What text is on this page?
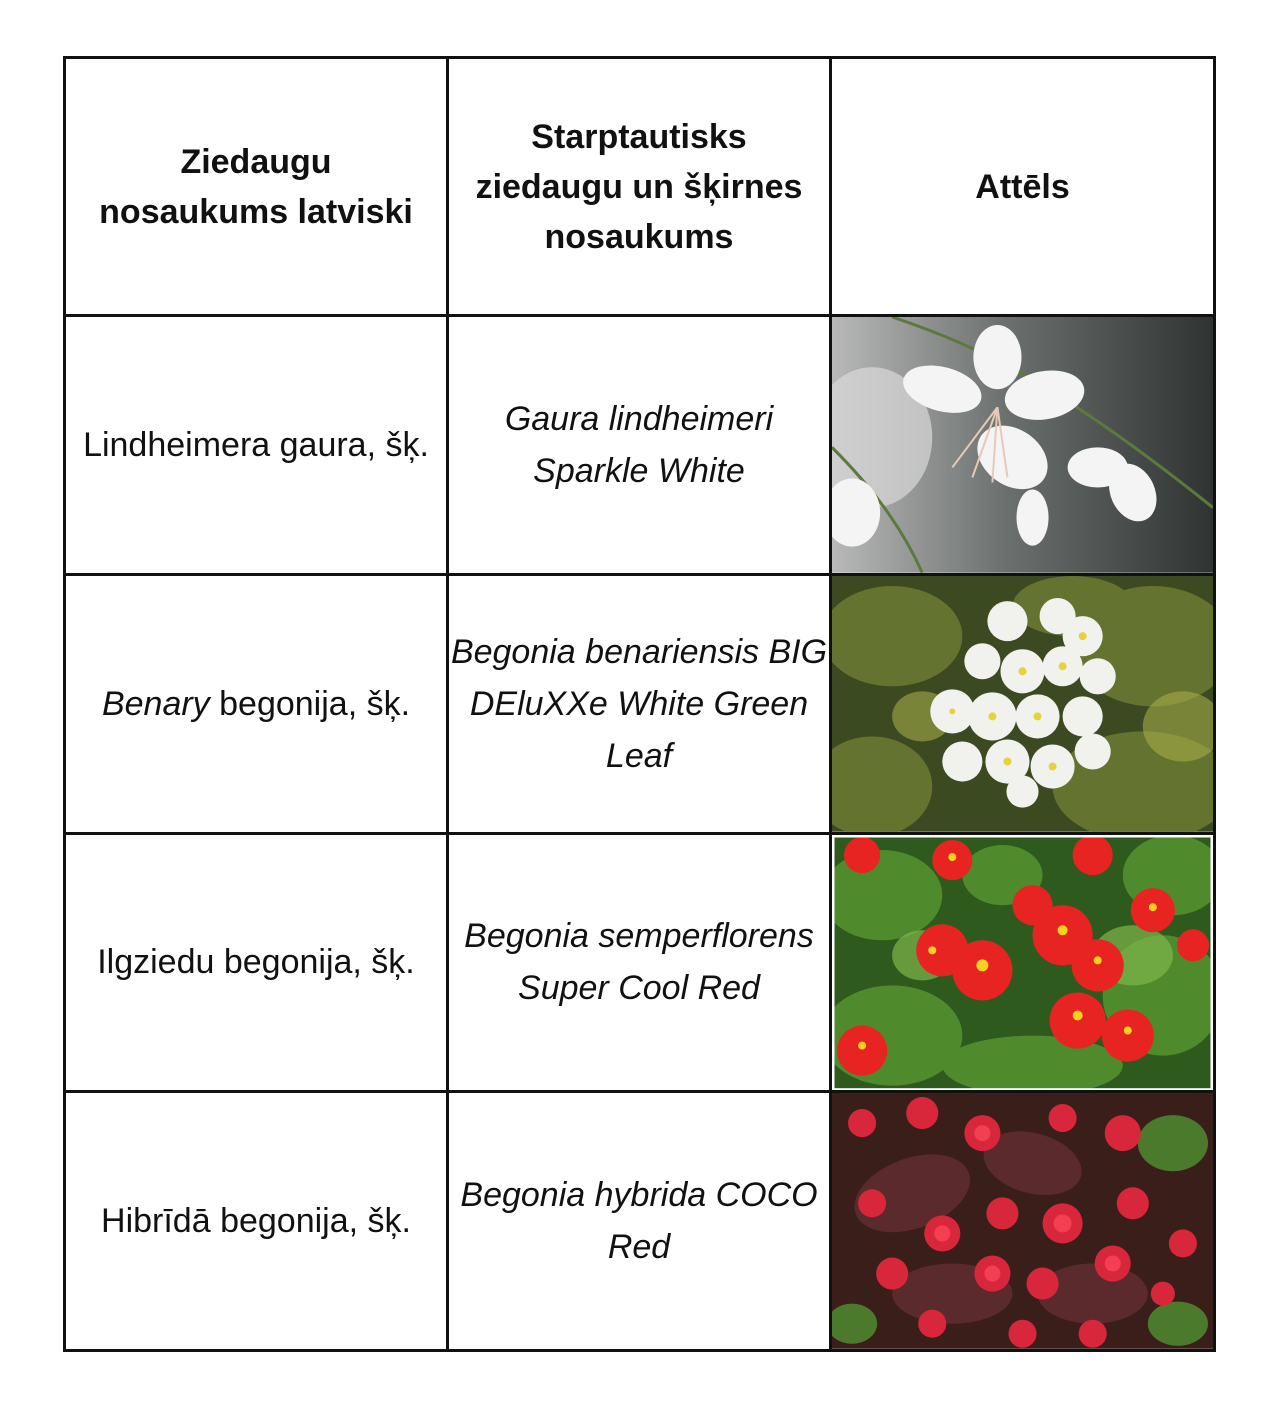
Ziedaugu nosaukums latviski	Starptautisks ziedaugu un šķirnes nosaukums	Attēls

Lindheimera gaura, šķ.	Gaura lindheimeri Sparkle White	

Benary begonija, šķ.	Begonia benariensis BIG DEluXXe White Green Leaf	

Ilgziedu begonija, šķ.	Begonia semperflorens Super Cool Red	

Hibrīdā begonija, šķ.	Begonia hybrida COCO Red	
